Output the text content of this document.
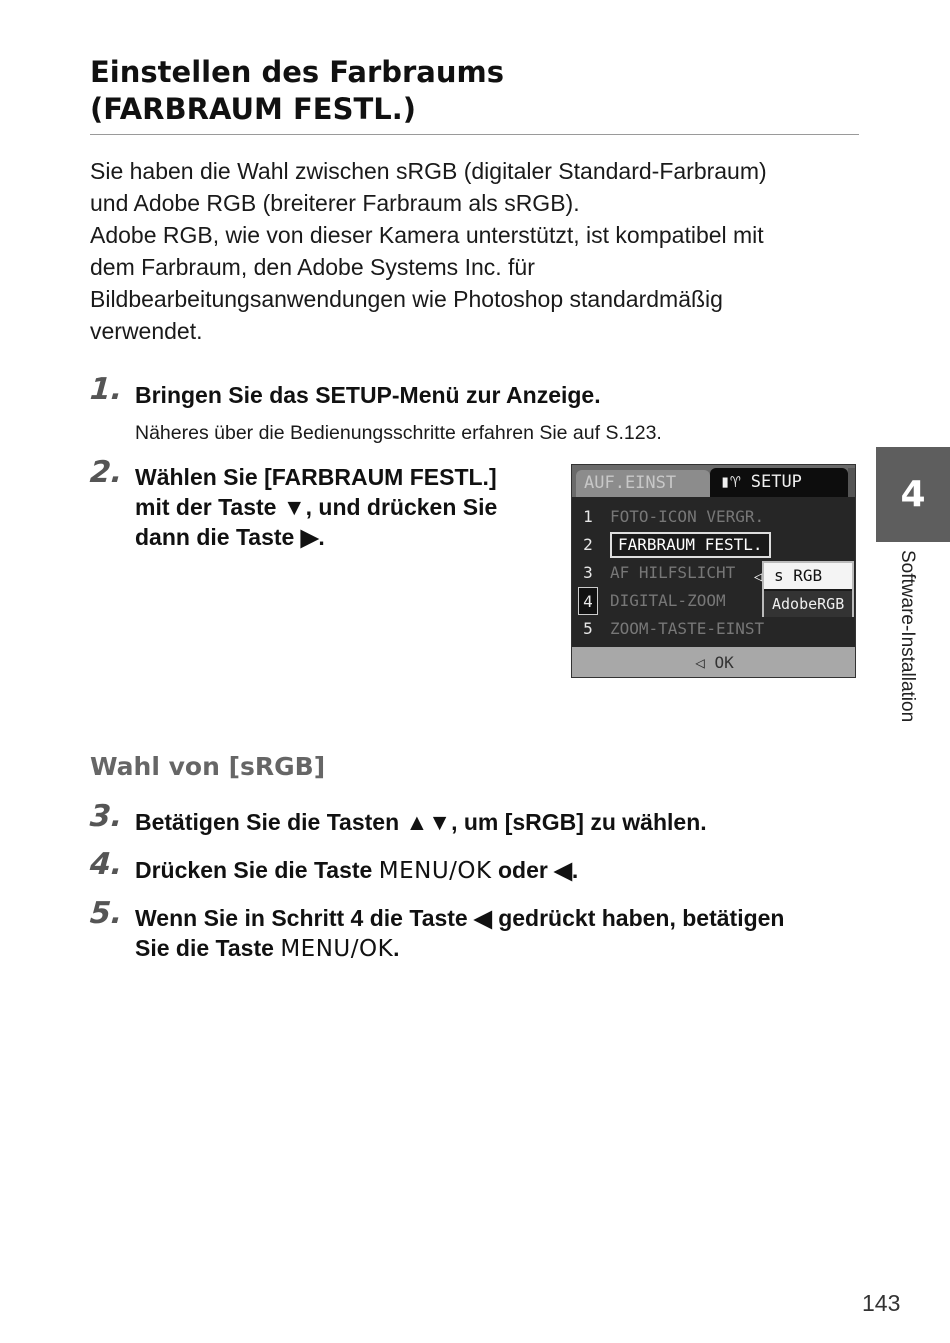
Einstellen des Farbraums
(FARBRAUM FESTL.)

Sie haben die Wahl zwischen sRGB (digitaler Standard-Farbraum)

und Adobe RGB (breiterer Farbraum als sRGB).

Adobe RGB, wie von dieser Kamera unterstützt, ist kompatibel mit

dem Farbraum, den Adobe Systems Inc. für

Bildbearbeitungsanwendungen wie Photoshop standardmäßig

verwendet.

1. Bringen Sie das SETUP-Menü zur Anzeige.
Näheres über die Bedienungsschritte erfahren Sie auf S.123.
2. Wählen Sie [FARBRAUM FESTL.]
mit der Taste ▼, und drücken Sie
dann die Taste ▶.
AUF.EINST	▮♈ SETUP
1
2
3
4
5
FOTO-ICON VERGR.
FARBRAUM FESTL.
AF HILFSLICHT
DIGITAL-ZOOM
ZOOM-TASTE-EINST
◁ s RGB
AdobeRGB
◁ OK
Wahl von [sRGB]
3. Betätigen Sie die Tasten ▲▼, um [sRGB] zu wählen.
4. Drücken Sie die Taste MENU/OK oder ◀.
5. Wenn Sie in Schritt 4 die Taste ◀ gedrückt haben, betätigen
Sie die Taste MENU/OK.
4
Software-Installation
143
